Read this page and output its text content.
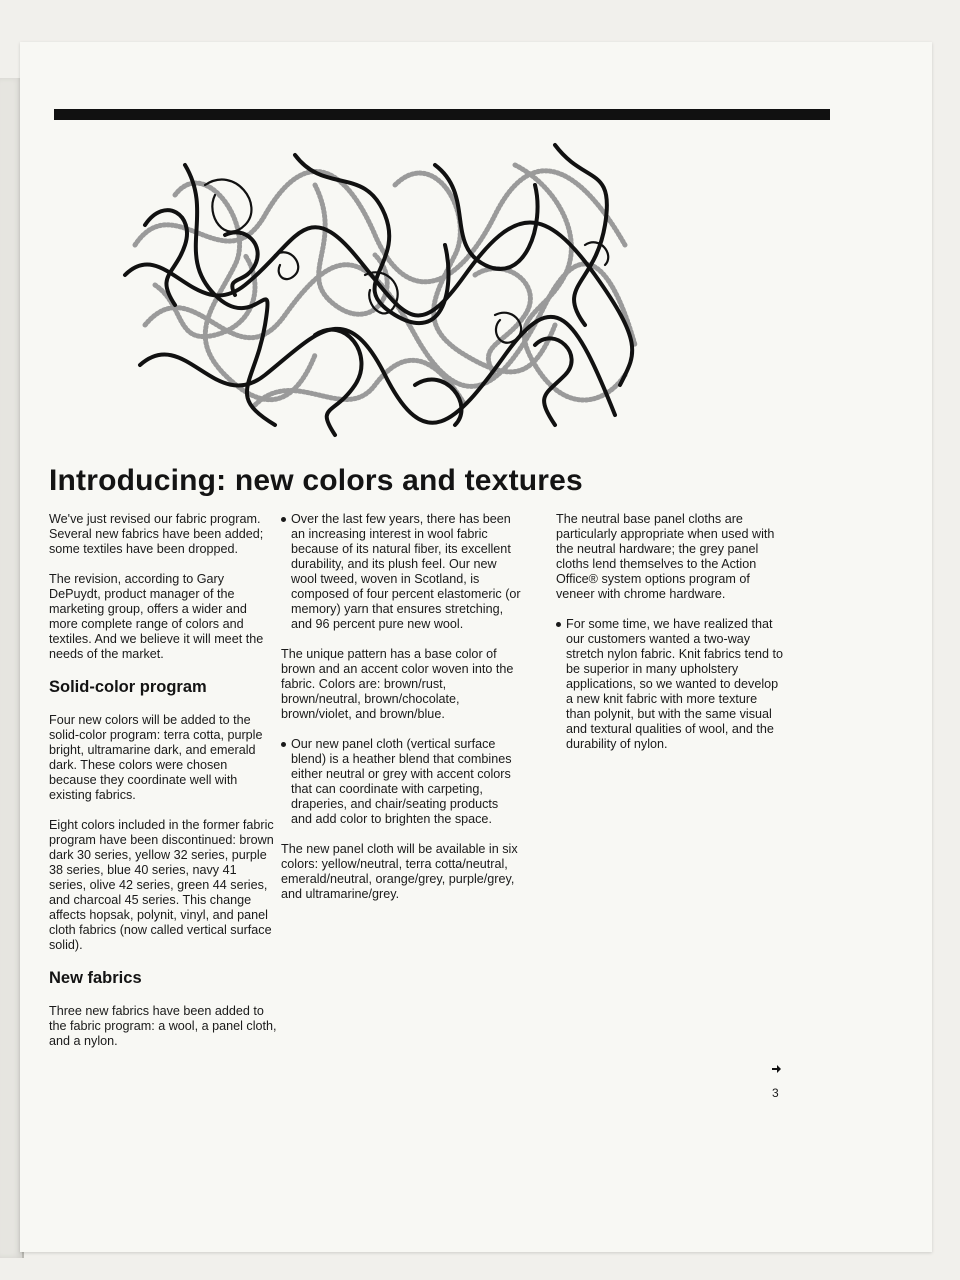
Introducing: new colors and textures

We've just revised our fabric program. Several new fabrics have been added; some textiles have been dropped.

The revision, according to Gary DePuydt, product manager of the marketing group, offers a wider and more complete range of colors and textiles. And we believe it will meet the needs of the market.

Solid-color program

Four new colors will be added to the solid-color program: terra cotta, purple bright, ultramarine dark, and emerald dark. These colors were chosen because they coordinate well with existing fabrics.

Eight colors included in the former fabric program have been discontinued: brown dark 30 series, yellow 32 series, purple 38 series, blue 40 series, navy 41 series, olive 42 series, green 44 series, and charcoal 45 series. This change affects hopsak, polynit, vinyl, and panel cloth fabrics (now called vertical surface solid).

New fabrics

Three new fabrics have been added to the fabric program: a wool, a panel cloth, and a nylon.

Over the last few years, there has been an increasing interest in wool fabric because of its natural fiber, its excellent durability, and its plush feel. Our new wool tweed, woven in Scotland, is composed of four percent elastomeric (or memory) yarn that ensures stretching, and 96 percent pure new wool.

The unique pattern has a base color of brown and an accent color woven into the fabric. Colors are: brown/rust, brown/neutral, brown/chocolate, brown/violet, and brown/blue.

Our new panel cloth (vertical surface blend) is a heather blend that combines either neutral or grey with accent colors that can coordinate with carpeting, draperies, and chair/seating products and add color to brighten the space.

The new panel cloth will be available in six colors: yellow/neutral, terra cotta/neutral, emerald/neutral, orange/grey, purple/grey, and ultramarine/grey.

The neutral base panel cloths are particularly appropriate when used with the neutral hardware; the grey panel cloths lend themselves to the Action Office® system options program of veneer with chrome hardware.

For some time, we have realized that our customers wanted a two-way stretch nylon fabric. Knit fabrics tend to be superior in many upholstery applications, so we wanted to develop a new knit fabric with more texture than polynit, but with the same visual and textural qualities of wool, and the durability of nylon.

3
